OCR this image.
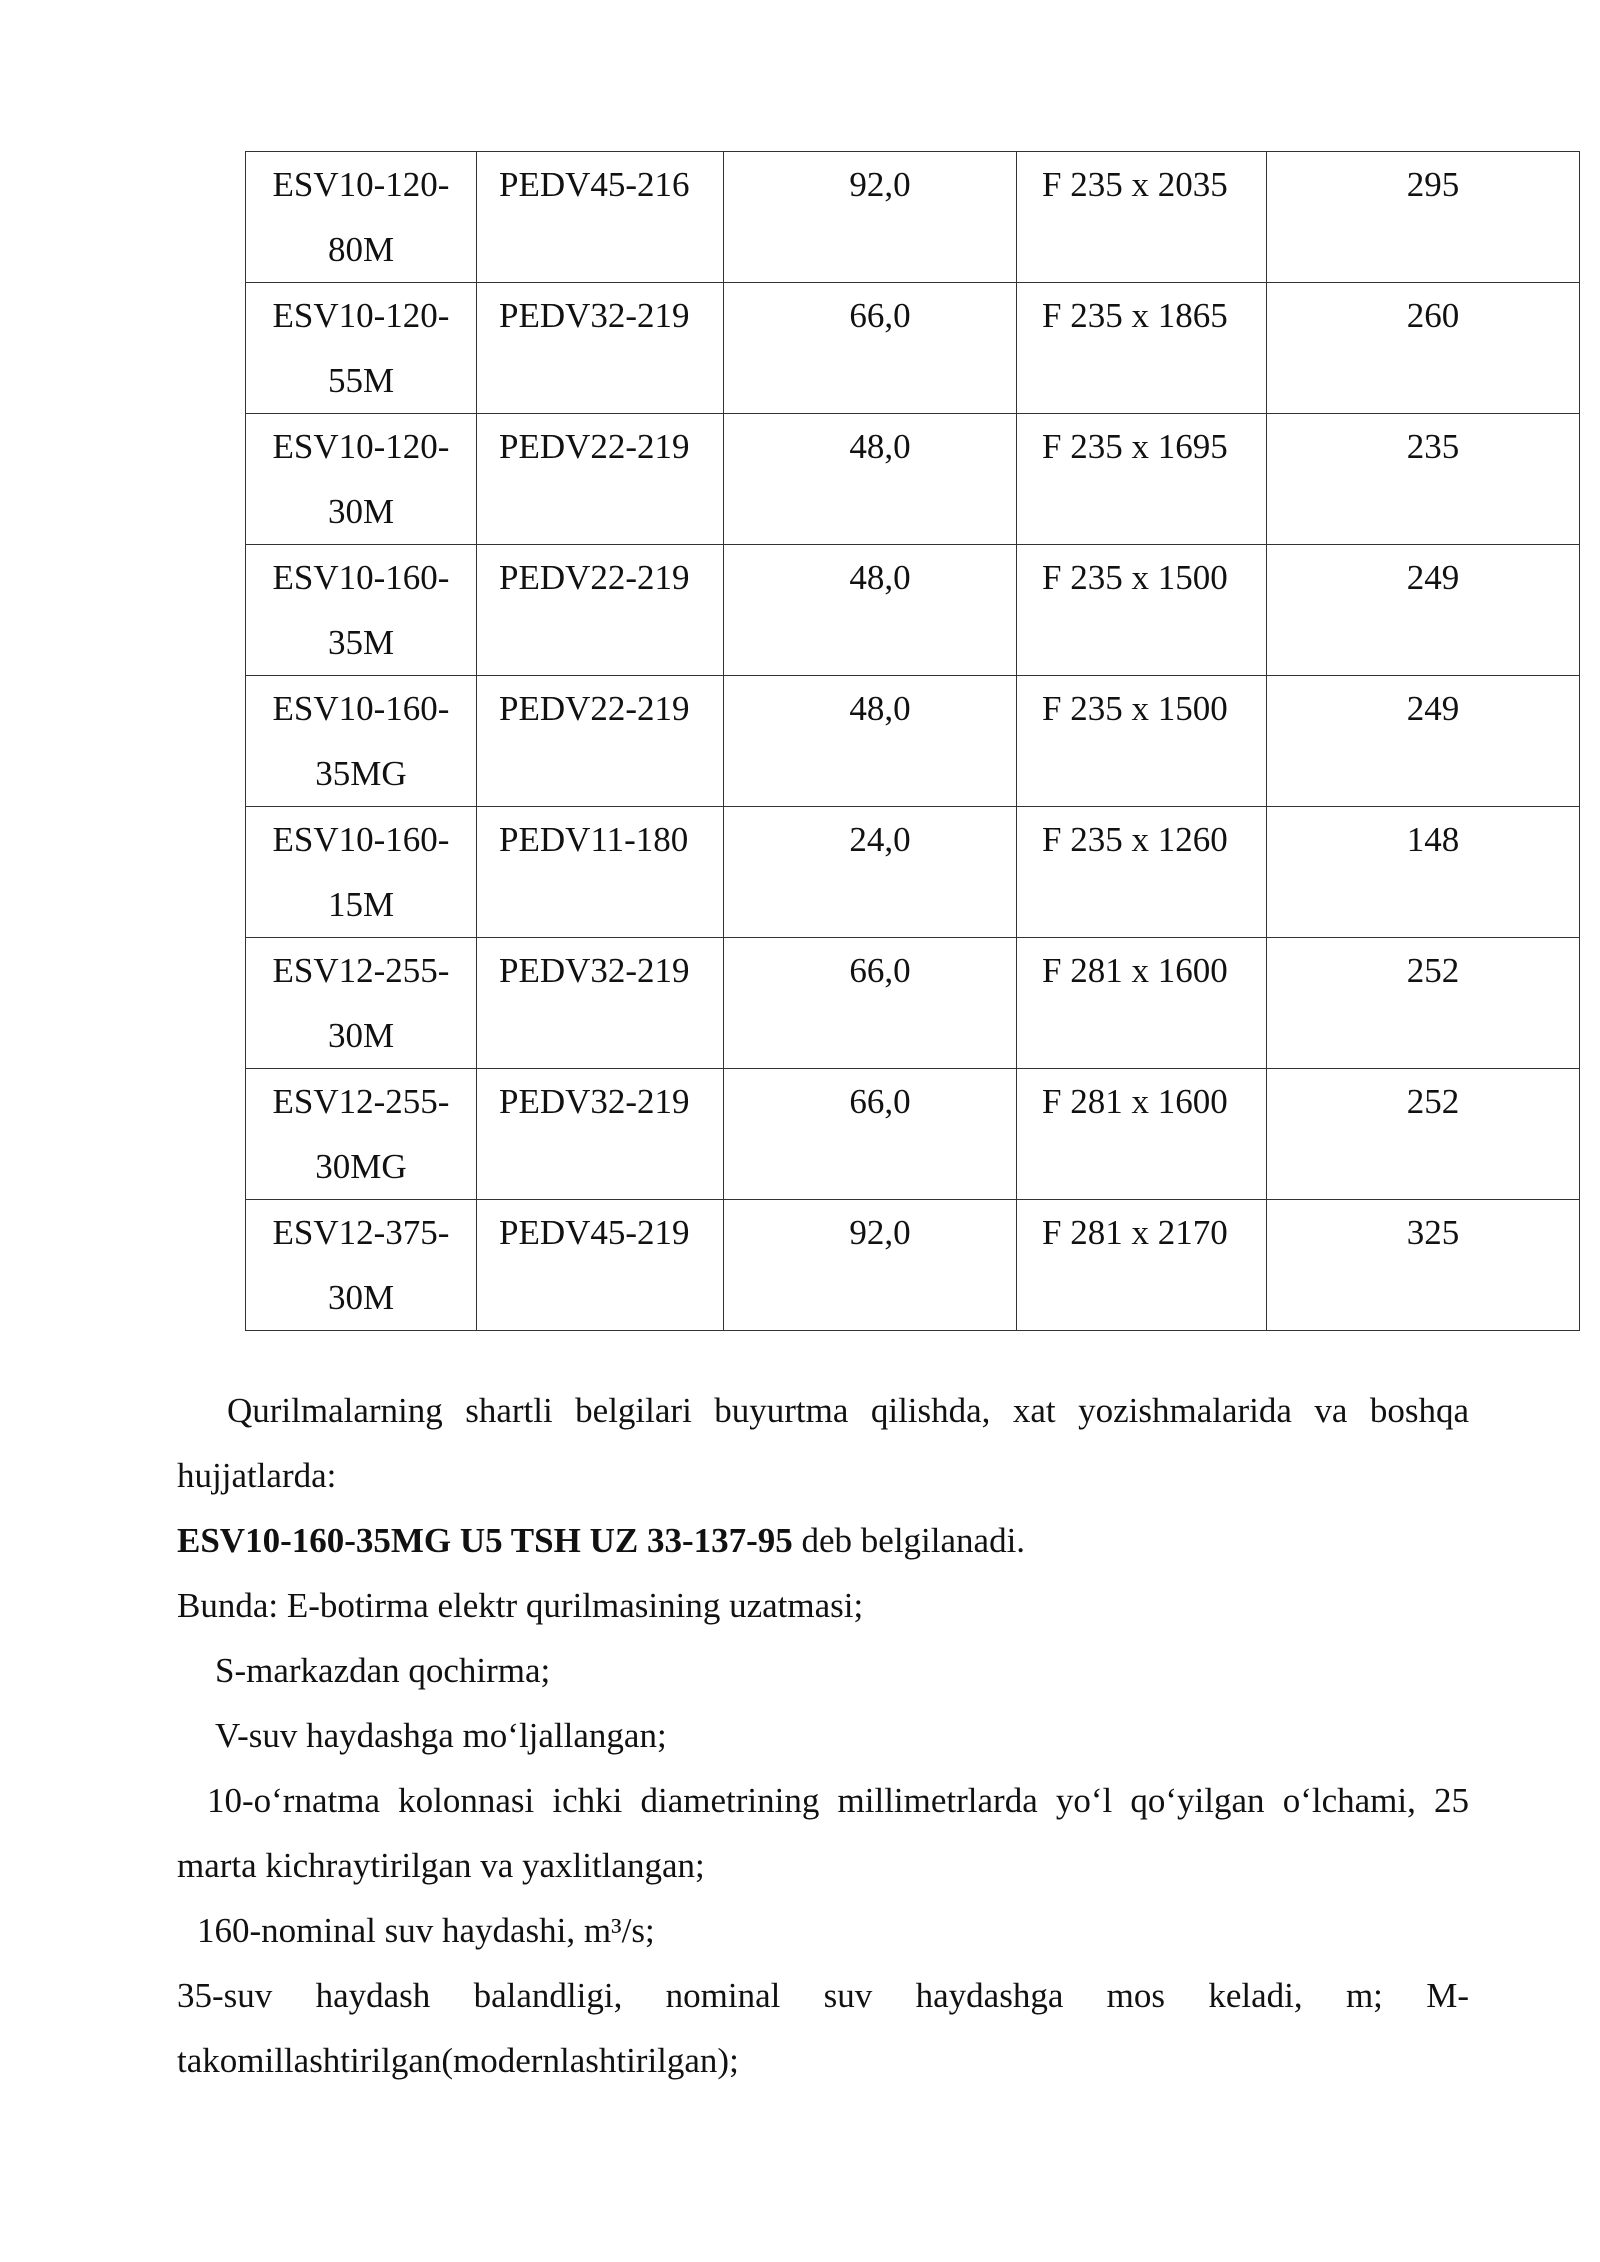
ESV10-120-
80M	PEDV45-216	92,0	F 235 x 2035	295

ESV10-120-
55M	PEDV32-219	66,0	F 235 x 1865	260

ESV10-120-
30M	PEDV22-219	48,0	F 235 x 1695	235

ESV10-160-
35M	PEDV22-219	48,0	F 235 x 1500	249

ESV10-160-
35MG	PEDV22-219	48,0	F 235 x 1500	249

ESV10-160-
15M	PEDV11-180	24,0	F 235 x 1260	148

ESV12-255-
30M	PEDV32-219	66,0	F 281 x 1600	252

ESV12-255-
30MG	PEDV32-219	66,0	F 281 x 1600	252

ESV12-375-
30M	PEDV45-219	92,0	F 281 x 2170	325

Qurilmalarning shartli belgilari buyurtma qilishda, xat yozishmalarida va boshqa

hujjatlarda:

ESV10-160-35MG U5 TSH UZ 33-137-95 deb belgilanadi.

Bunda: E-botirma elektr qurilmasining uzatmasi;

S-markazdan qochirma;

V-suv haydashga mo‘ljallangan;

10-o‘rnatma kolonnasi ichki diametrining millimetrlarda yo‘l qo‘yilgan o‘lchami, 25

marta kichraytirilgan va yaxlitlangan;

160-nominal suv haydashi, m³/s;

35-suv haydash balandligi, nominal suv haydashga mos keladi, m; M-

takomillashtirilgan(modernlashtirilgan);
